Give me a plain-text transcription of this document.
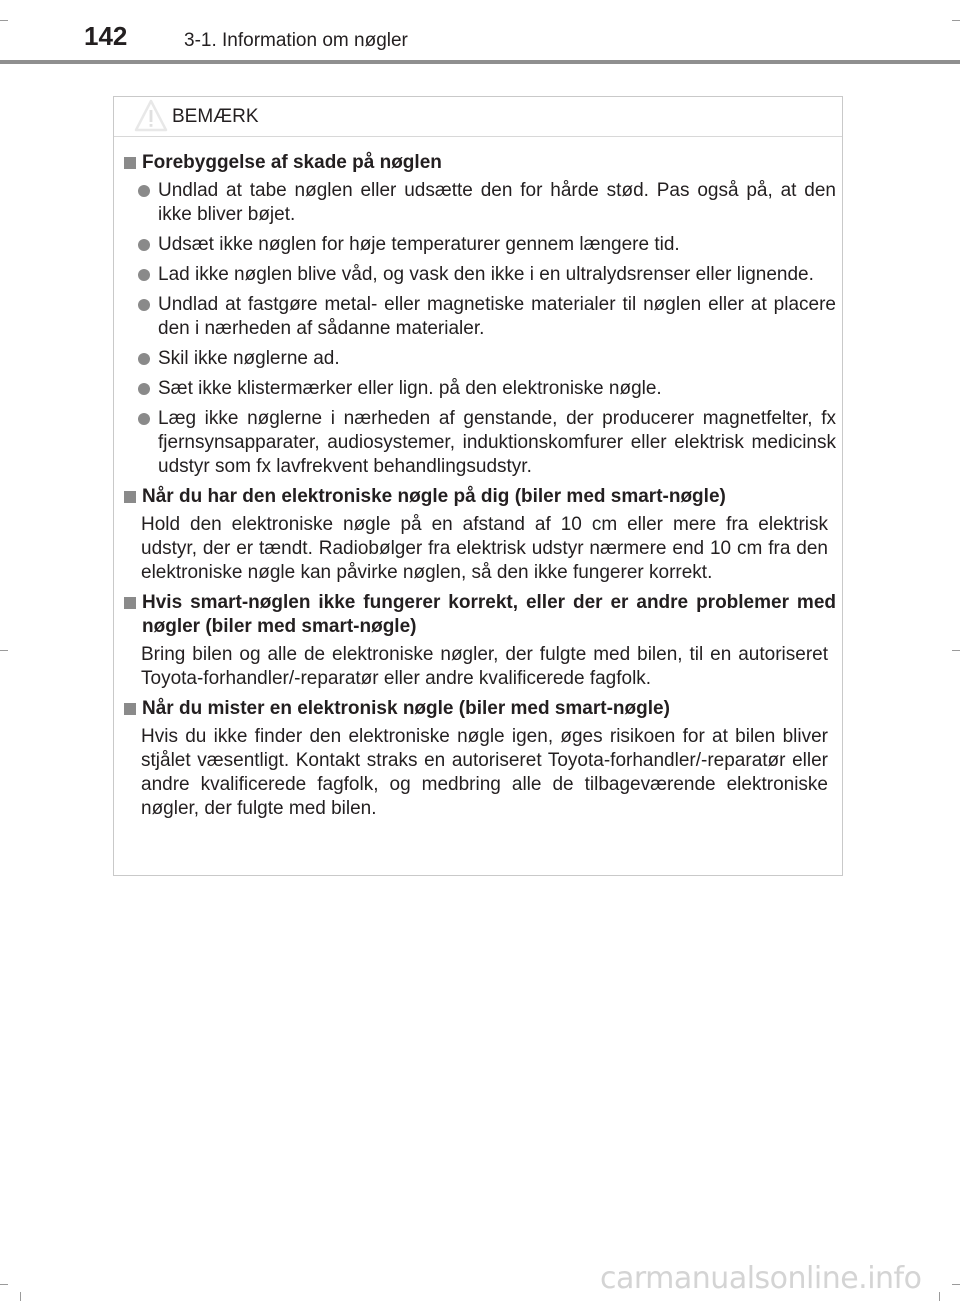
142	3-1. Information om nøgler
BEMÆRK
Forebyggelse af skade på nøglen
Undlad at tabe nøglen eller udsætte den for hårde stød. Pas også på, at den ikke bliver bøjet.
Udsæt ikke nøglen for høje temperaturer gennem længere tid.
Lad ikke nøglen blive våd, og vask den ikke i en ultralydsrenser eller lignende.
Undlad at fastgøre metal- eller magnetiske materialer til nøglen eller at placere den i nærheden af sådanne materialer.
Skil ikke nøglerne ad.
Sæt ikke klistermærker eller lign. på den elektroniske nøgle.
Læg ikke nøglerne i nærheden af genstande, der producerer magnetfelter, fx fjernsynsapparater, audiosystemer, induktionskomfurer eller elektrisk medicinsk udstyr som fx lavfrekvent behandlingsudstyr.
Når du har den elektroniske nøgle på dig (biler med smart-nøgle)
Hold den elektroniske nøgle på en afstand af 10 cm eller mere fra elektrisk udstyr, der er tændt. Radiobølger fra elektrisk udstyr nærmere end 10 cm fra den elektroniske nøgle kan påvirke nøglen, så den ikke fungerer korrekt.
Hvis smart-nøglen ikke fungerer korrekt, eller der er andre problemer med nøgler (biler med smart-nøgle)
Bring bilen og alle de elektroniske nøgler, der fulgte med bilen, til en autoriseret Toyota-forhandler/-reparatør eller andre kvalificerede fagfolk.
Når du mister en elektronisk nøgle (biler med smart-nøgle)
Hvis du ikke finder den elektroniske nøgle igen, øges risikoen for at bilen bliver stjålet væsentligt. Kontakt straks en autoriseret Toyota-forhandler/-reparatør eller andre kvalificerede fagfolk, og medbring alle de tilbageværende elektroniske nøgler, der fulgte med bilen.
carmanualsonline.info
